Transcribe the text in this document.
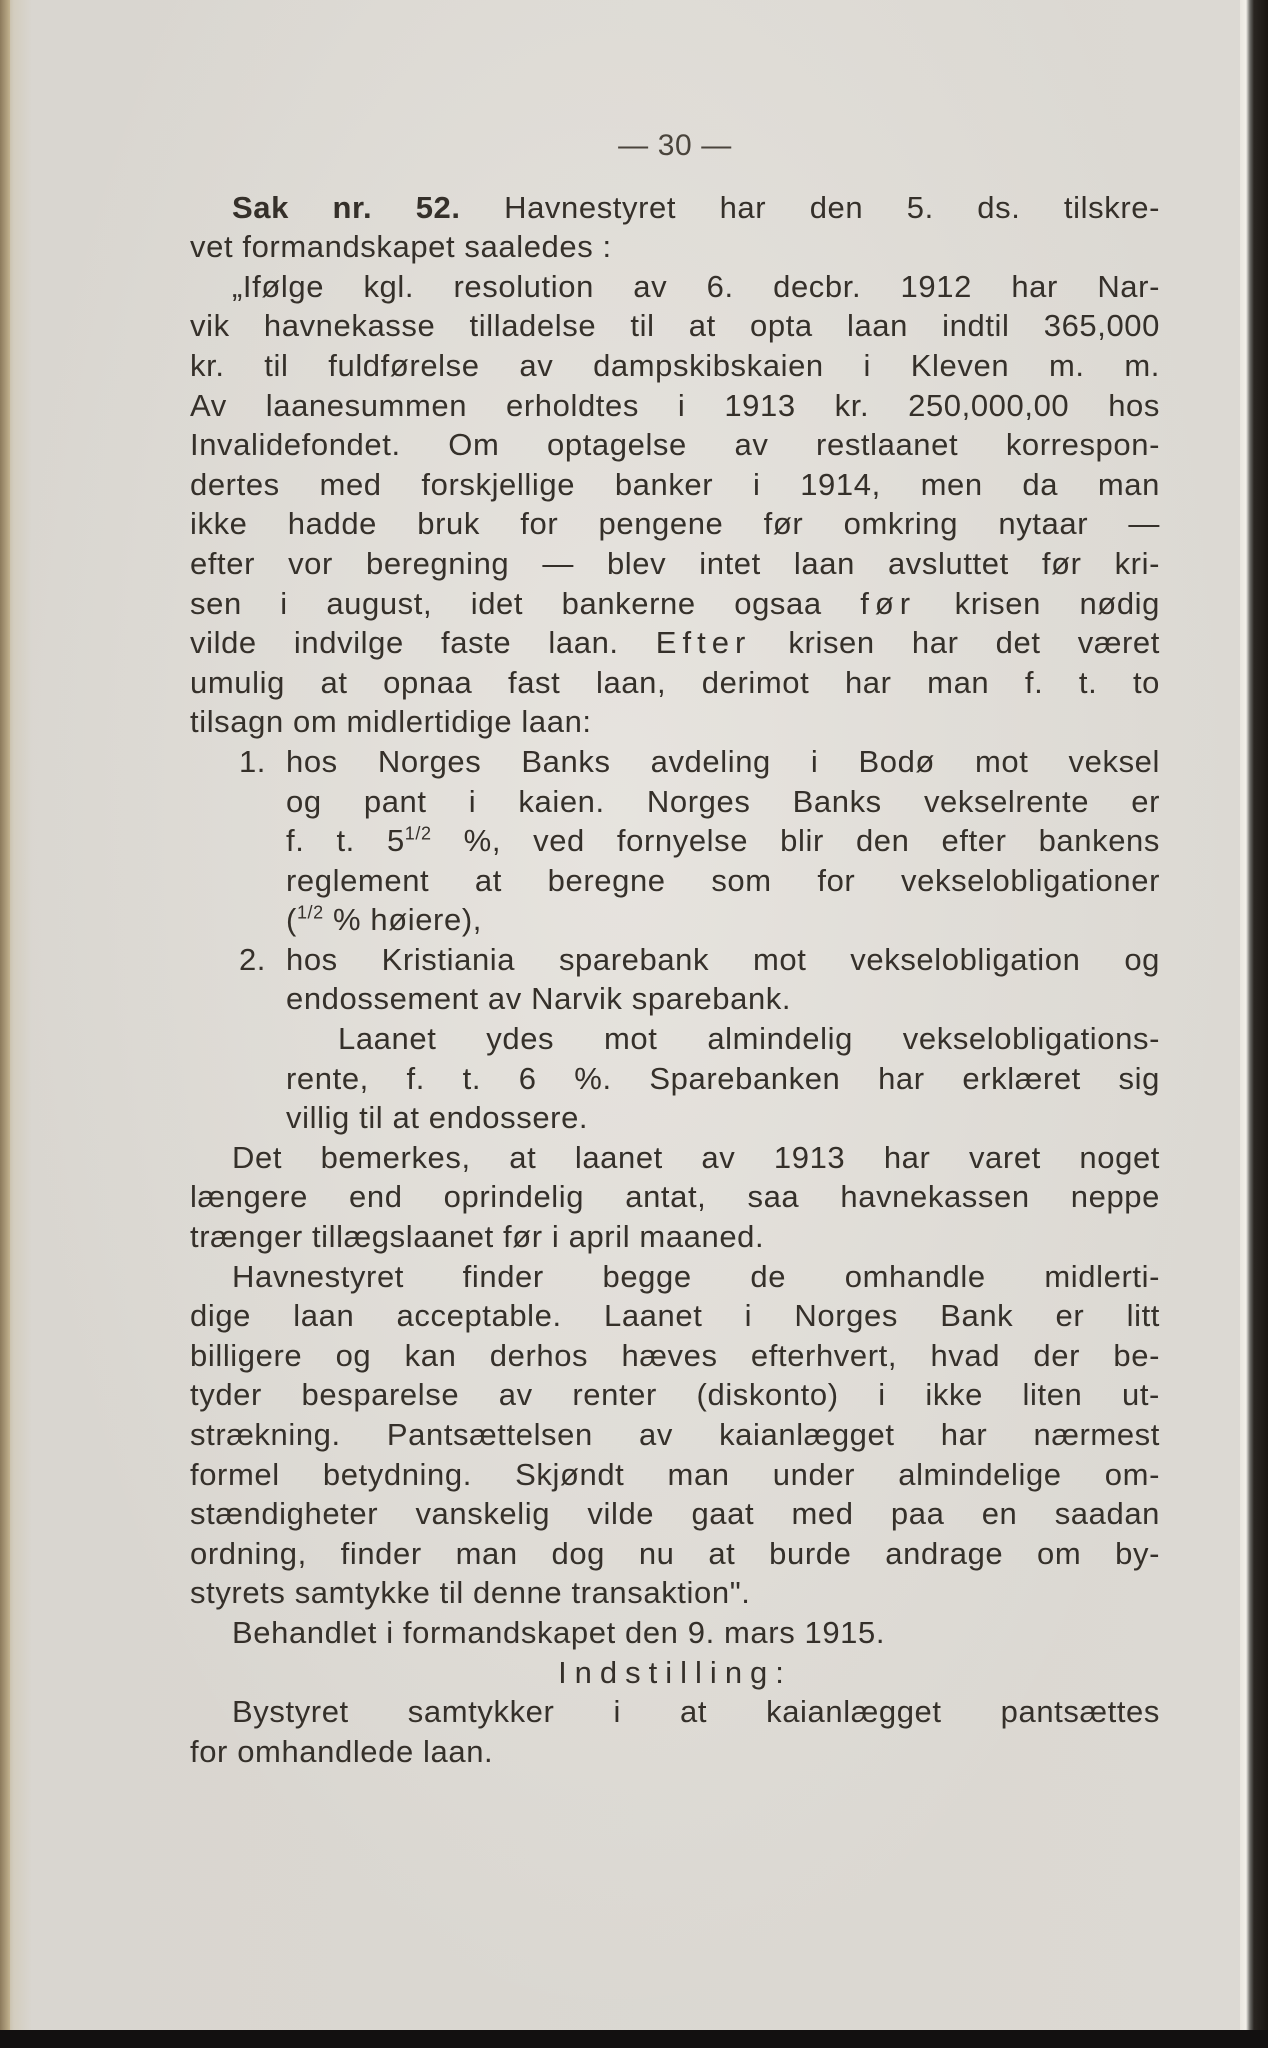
— 30 —
Sak nr. 52. Havnestyret har den 5. ds. tilskre-
vet formandskapet saaledes :
„Ifølge kgl. resolution av 6. decbr. 1912 har Nar-
vik havnekasse tilladelse til at opta laan indtil 365,000
kr. til fuldførelse av dampskibskaien i Kleven m. m.
Av laanesummen erholdtes i 1913 kr. 250,000,00 hos
Invalidefondet. Om optagelse av restlaanet korrespon-
dertes med forskjellige banker i 1914, men da man
ikke hadde bruk for pengene før omkring nytaar —
efter vor beregning — blev intet laan avsluttet før kri-
sen i august, idet bankerne ogsaa før krisen nødig
vilde indvilge faste laan. Efter krisen har det været
umulig at opnaa fast laan, derimot har man f. t. to
tilsagn om midlertidige laan:
1. hos Norges Banks avdeling i Bodø mot veksel
og pant i kaien. Norges Banks vekselrente er
f. t. $5^{1/2}$ %, ved fornyelse blir den efter bankens
reglement at beregne som for vekselobligationer
($^{1/2}$ % høiere),
2. hos Kristiania sparebank mot vekselobligation og
endossement av Narvik sparebank.
Laanet ydes mot almindelig vekselobligations-
rente, f. t. 6 %. Sparebanken har erklæret sig
villig til at endossere.
Det bemerkes, at laanet av 1913 har varet noget
længere end oprindelig antat, saa havnekassen neppe
trænger tillægslaanet før i april maaned.
Havnestyret finder begge de omhandle midlerti-
dige laan acceptable. Laanet i Norges Bank er litt
billigere og kan derhos hæves efterhvert, hvad der be-
tyder besparelse av renter (diskonto) i ikke liten ut-
strækning. Pantsættelsen av kaianlægget har nærmest
formel betydning. Skjøndt man under almindelige om-
stændigheter vanskelig vilde gaat med paa en saadan
ordning, finder man dog nu at burde andrage om by-
styrets samtykke til denne transaktion".
Behandlet i formandskapet den 9. mars 1915.
Indstilling:
Bystyret samtykker i at kaianlægget pantsættes
for omhandlede laan.
